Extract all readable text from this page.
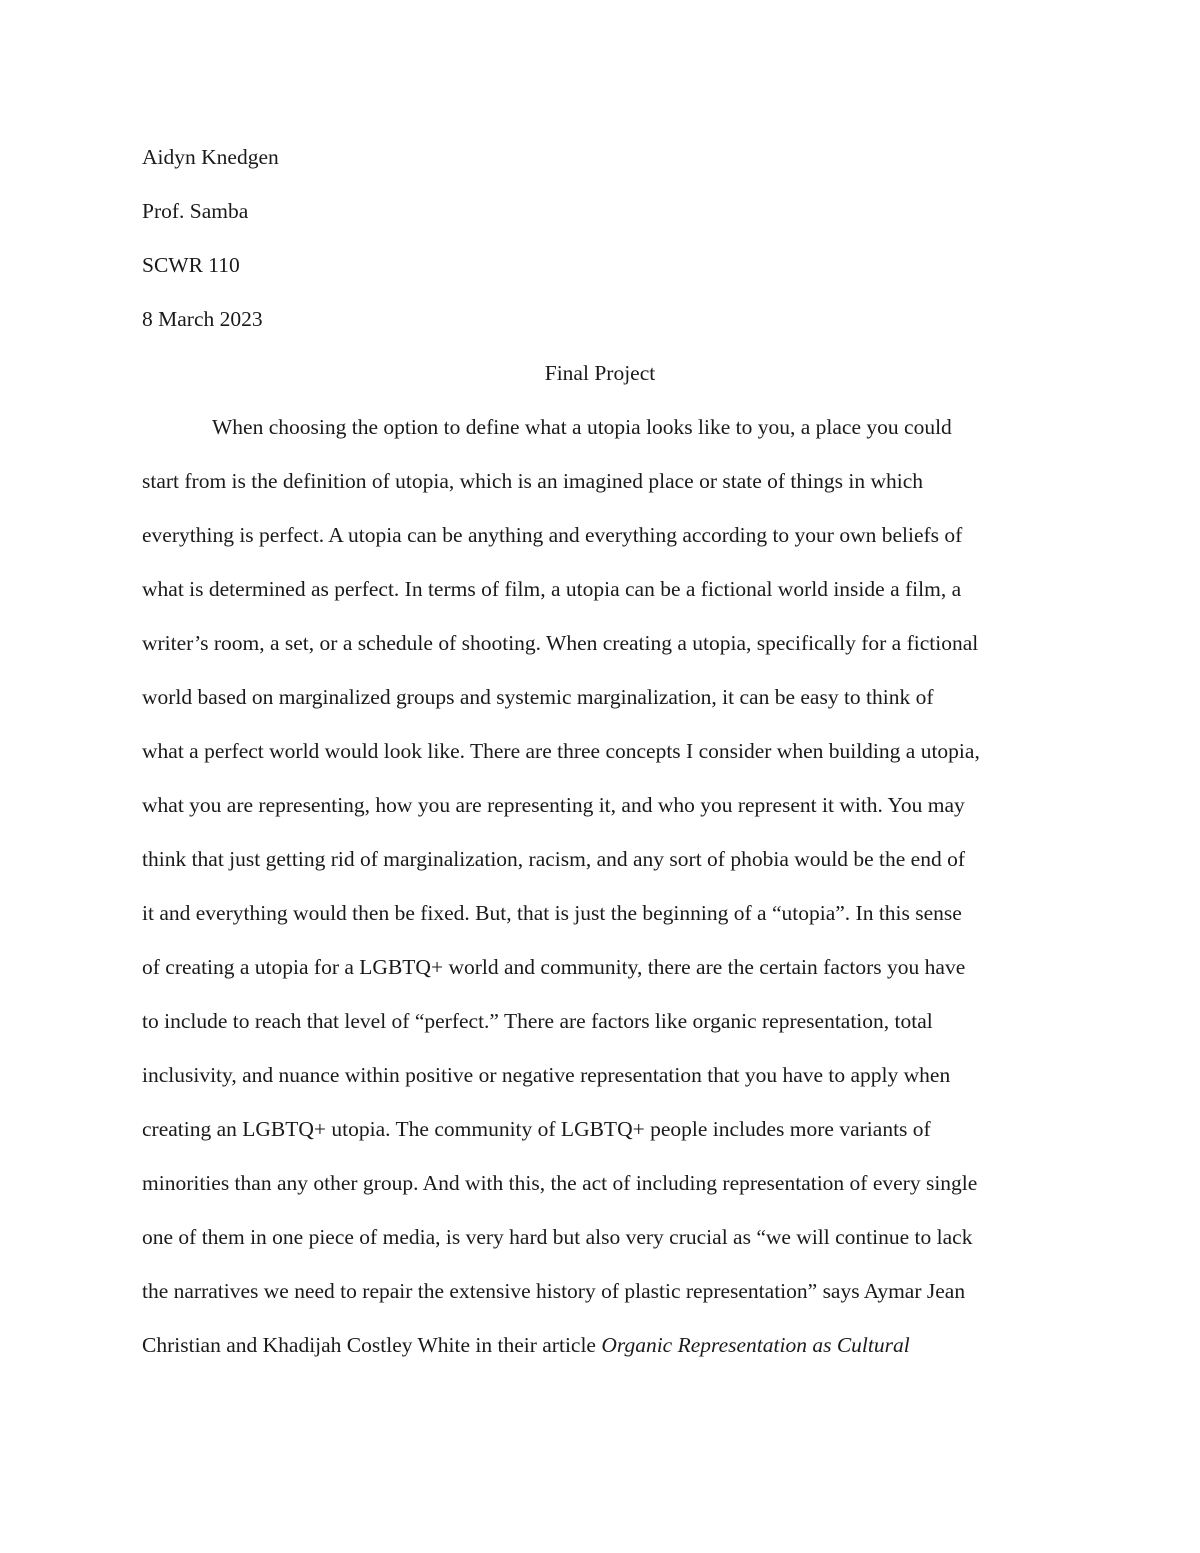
Aidyn Knedgen
Prof. Samba
SCWR 110
8 March 2023
Final Project
When choosing the option to define what a utopia looks like to you, a place you could
start from is the definition of utopia, which is an imagined place or state of things in which
everything is perfect. A utopia can be anything and everything according to your own beliefs of
what is determined as perfect. In terms of film, a utopia can be a fictional world inside a film, a
writer’s room, a set, or a schedule of shooting. When creating a utopia, specifically for a fictional
world based on marginalized groups and systemic marginalization, it can be easy to think of
what a perfect world would look like. There are three concepts I consider when building a utopia,
what you are representing, how you are representing it, and who you represent it with. You may
think that just getting rid of marginalization, racism, and any sort of phobia would be the end of
it and everything would then be fixed. But, that is just the beginning of a “utopia”. In this sense
of creating a utopia for a LGBTQ+ world and community, there are the certain factors you have
to include to reach that level of “perfect.” There are factors like organic representation, total
inclusivity, and nuance within positive or negative representation that you have to apply when
creating an LGBTQ+ utopia. The community of LGBTQ+ people includes more variants of
minorities than any other group. And with this, the act of including representation of every single
one of them in one piece of media, is very hard but also very crucial as “we will continue to lack
the narratives we need to repair the extensive history of plastic representation” says Aymar Jean
Christian and Khadijah Costley White in their article Organic Representation as Cultural
